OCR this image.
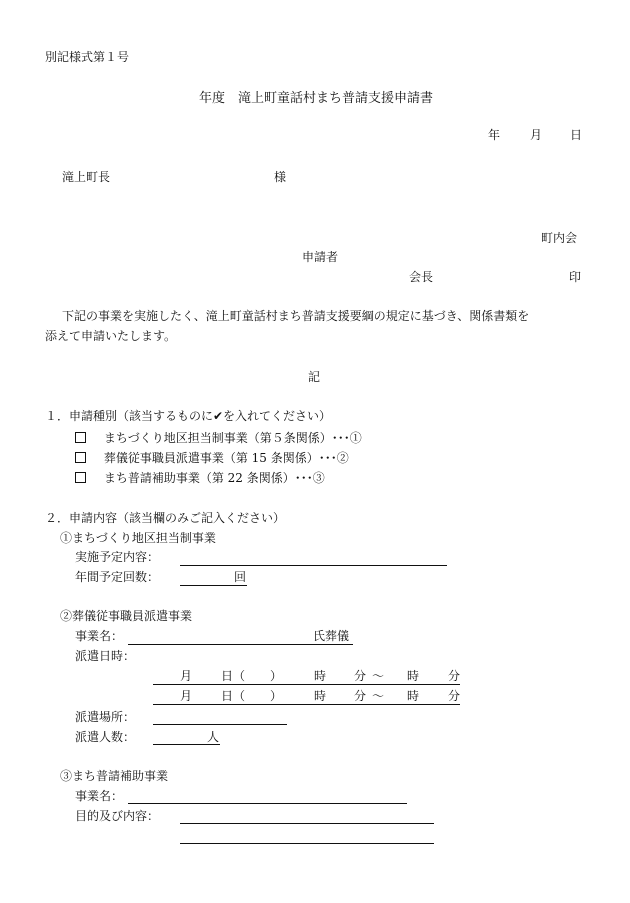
別記様式第１号
年度　滝上町童話村まち普請支援申請書
年 月 日
滝上町長	様
町内会
申請者
会長	印
下記の事業を実施したく、滝上町童話村まち普請支援要綱の規定に基づき、関係書類を
添えて申請いたします。
記
１．申請種別（該当するものに✔を入れてください）
まちづくり地区担当制事業（第５条関係）･･･①
葬儀従事職員派遣事業（第 15 条関係）･･･②
まち普請補助事業（第 22 条関係）･･･③
２．申請内容（該当欄のみご記入ください）
①まちづくり地区担当制事業
実施予定内容：
年間予定回数：	回
②葬儀従事職員派遣事業
事業名：	氏葬儀
派遣日時：
月 日 （ ）	時 分 〜 時 分
月 日 （ ）	時 分 〜 時 分
派遣場所：
派遣人数：	人
③まち普請補助事業
事業名：
目的及び内容：
